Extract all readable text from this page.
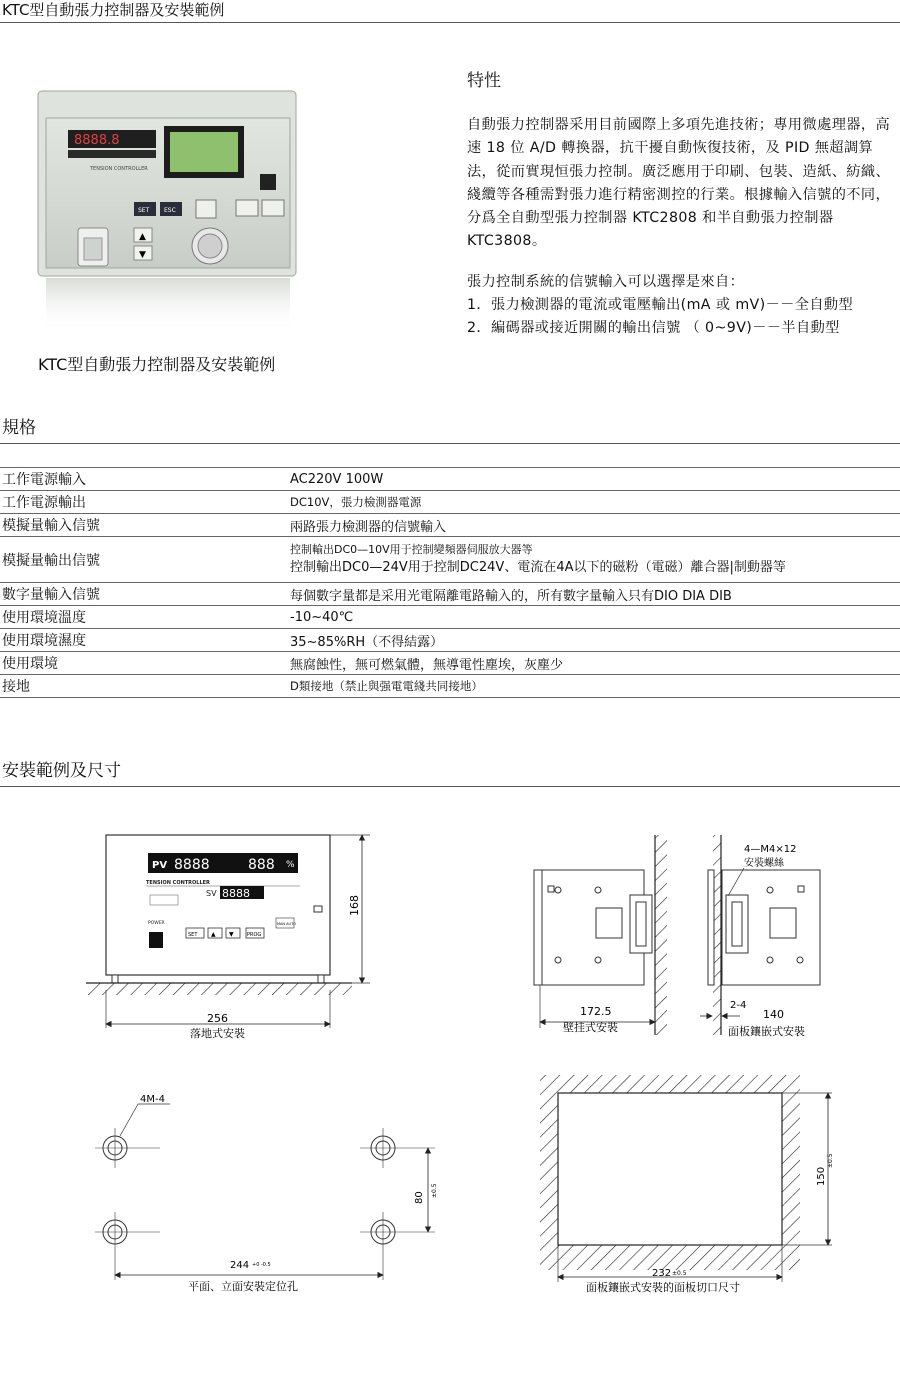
KTC型自動張力控制器及安裝範例
8888.8
TENSION CONTROLLER
SET ESC
▲
▼
KTC型自動張力控制器及安裝範例
特性

自動張力控制器采用目前國際上多項先進技術；專用微處理器，高速 18 位 A/D 轉換器，抗干擾自動恢復技術，及 PID 無超調算法，從而實現恒張力控制。廣泛應用于印刷、包裝、造紙、紡織、綫纜等各種需對張力進行精密測控的行業。根據輸入信號的不同，分爲全自動型張力控制器 KTC2808 和半自動張力控制器 KTC3808。

張力控制系統的信號輸入可以選擇是來自：

1．張力檢測器的電流或電壓輸出(mA 或 mV)－－全自動型

2．編碼器或接近開關的輸出信號 （ 0~9V)－－半自動型

規格
工作電源輸入	AC220V 100W
工作電源輸出	DC10V，張力檢測器電源
模擬量輸入信號	兩路張力檢測器的信號輸入
模擬量輸出信號	控制輸出DC0—10V用于控制變頻器伺服放大器等
控制輸出DC0—24V用于控制DC24V、電流在4A以下的磁粉（電磁）離合器|制動器等

數字量輸入信號	每個數字量都是采用光電隔離電路輸入的，所有數字量輸入只有DIO DIA DIB
使用環境溫度	-10~40℃
使用環境濕度	35~85%RH（不得結露）
使用環境	無腐蝕性，無可燃氣體，無導電性塵埃，灰塵少
接地	D類接地（禁止與强電電綫共同接地）
安裝範例及尺寸
PV 8888	888 %
TENSION CONTROLLER
SV 8888
POWER
SET ▲ ▼	PROG
MAN AUTO
256
落地式安裝
168
172.5
壁挂式安裝
4—M4×12
安裝螺絲
2-4
140
面板鑲嵌式安裝
4M-4
80 ±0.5
244 +0 -0.5
平面、立面安裝定位孔
232 ±0.5
面板鑲嵌式安裝的面板切口尺寸
150
±0.5
